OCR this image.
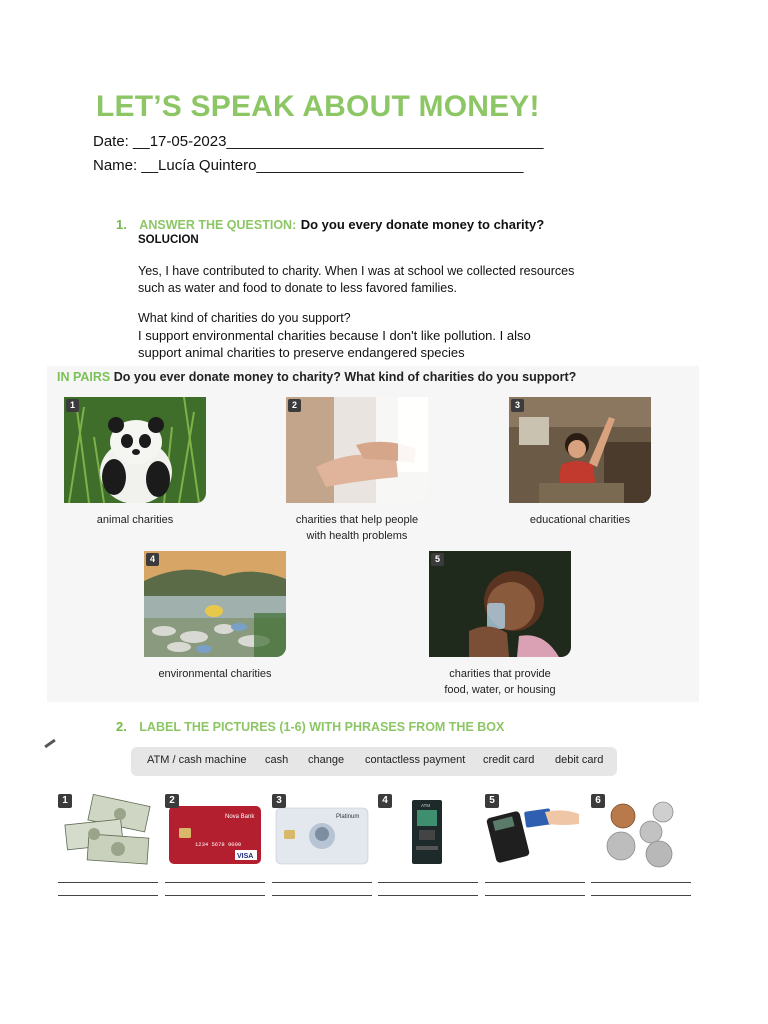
LET’S SPEAK ABOUT MONEY!
Date: __17-05-2023______________________________________
Name: __Lucía Quintero________________________________
1. ANSWER THE QUESTION: Do you every donate money to charity?
SOLUCION
Yes, I have contributed to charity. When I was at school we collected resources
such as water and food to donate to less favored families.
What kind of charities do you support?
I support environmental charities because I don't like pollution. I also
support animal charities to preserve endangered species
IN PAIRS Do you ever donate money to charity? What kind of charities do you support?
1
animal charities
2
charities that help people
with health problems
3
educational charities
4
environmental charities
5
charities that provide
food, water, or housing
2. LABEL THE PICTURES (1-6) WITH PHRASES FROM THE BOX
ATM / cash machine cash change contactless payment credit card debit card
1
Nova Bank
1234 5678 9000
VISA
2
Platinum
3	ATM
4	5	6
